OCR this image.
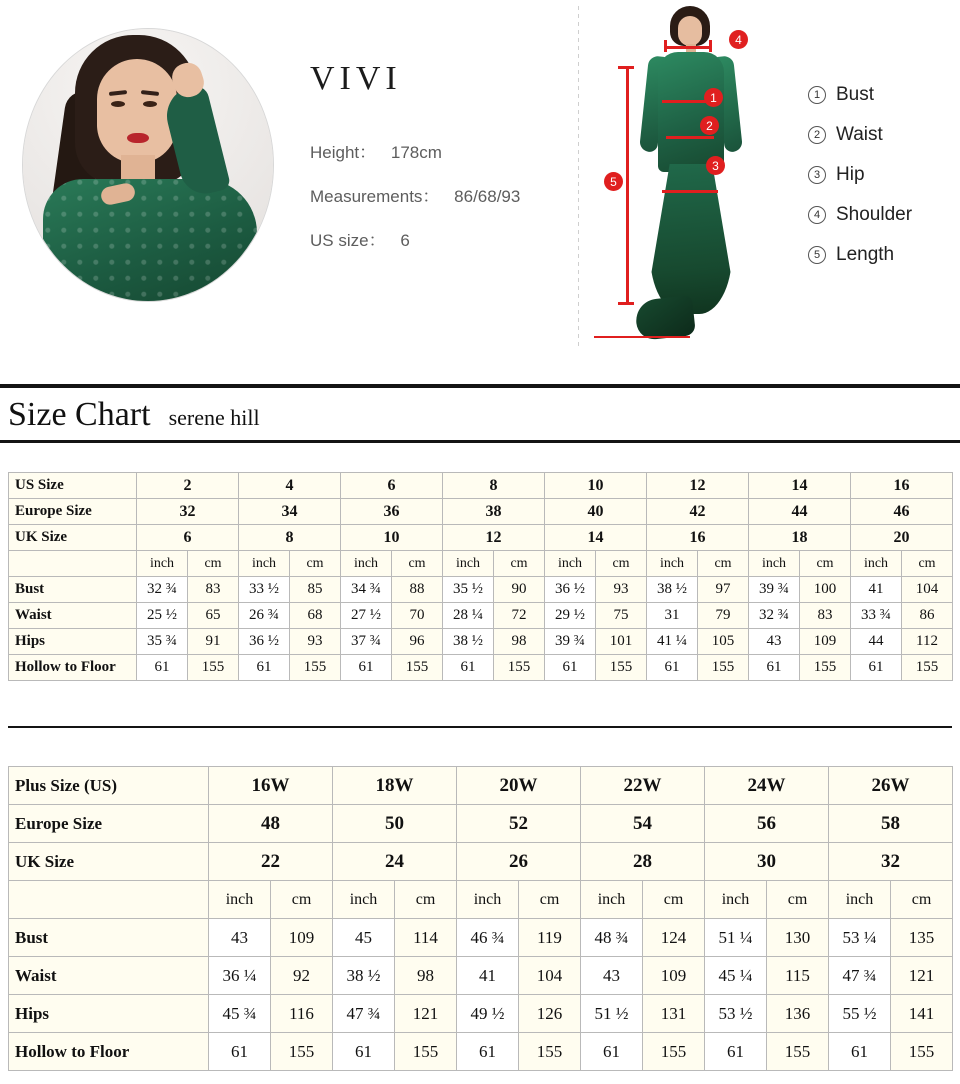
VIVI
Height： 178cm
Measurements： 86/68/93
US size： 6
4
1
2
3
5
1 Bust
2 Waist
3 Hip
4 Shoulder
5 Length
Size Chart serene hill
US Size	2		4		6		8		10		12		14		16	
Europe Size	32		34		36		38		40		42		44		46	
UK Size	6		8		10		12		14		16		18		20	
	inch	cm	inch	cm	inch	cm	inch	cm	inch	cm	inch	cm	inch	cm	inch	cm
Bust	32 ¾	83	33 ½	85	34 ¾	88	35 ½	90	36 ½	93	38 ½	97	39 ¾	100	41	104
Waist	25 ½	65	26 ¾	68	27 ½	70	28 ¼	72	29 ½	75	31	79	32 ¾	83	33 ¾	86
Hips	35 ¾	91	36 ½	93	37 ¾	96	38 ½	98	39 ¾	101	41 ¼	105	43	109	44	112
Hollow to Floor	61	155	61	155	61	155	61	155	61	155	61	155	61	155	61	155
Plus Size (US)	16W		18W		20W		22W		24W		26W	
Europe Size	48		50		52		54		56		58	
UK Size	22		24		26		28		30		32	
	inch	cm	inch	cm	inch	cm	inch	cm	inch	cm	inch	cm
Bust	43	109	45	114	46 ¾	119	48 ¾	124	51 ¼	130	53 ¼	135
Waist	36 ¼	92	38 ½	98	41	104	43	109	45 ¼	115	47 ¾	121
Hips	45 ¾	116	47 ¾	121	49 ½	126	51 ½	131	53 ½	136	55 ½	141
Hollow to Floor	61	155	61	155	61	155	61	155	61	155	61	155
